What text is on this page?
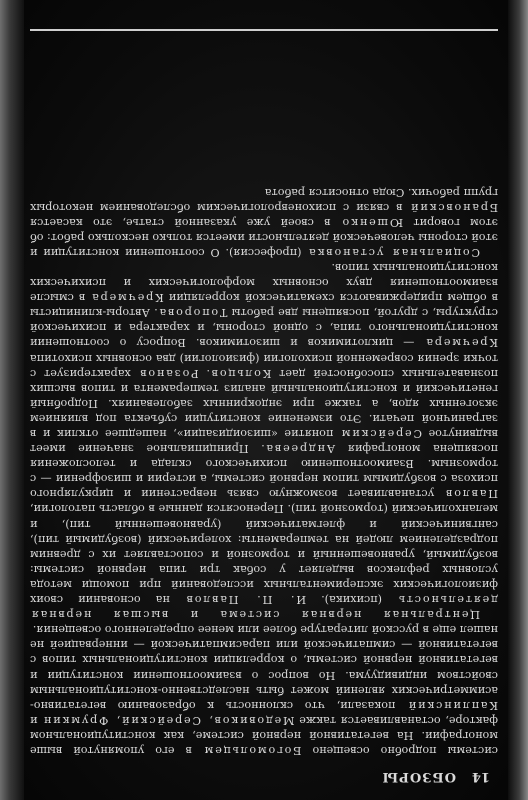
14
ОБЗОРЫ

системы подробно освещено Богомольцем в его упомянутой выше монографии. На вегетативной нервной системе, как конституциональном факторе, останавливается также Медовиков, Серейский, Фрумкин и Каплинский показали, что склонность к образованию вегетативно-асимметрических явлений может быть наследственно-конституциональным свойством индивидуума. Но вопрос о взаимоотношении конституции и вегетативной нервной системы, о корреляции конституциональных типов с вегетативной — симпатической или парасимпатической — иннервацией не нашел еще в русской литературе более или менее определенного освещения.

Центральная нервная система и высшая нервная деятельность (психика). И. П. Павлов на основании своих физиологических экспериментальных исследований при помощи метода условных рефлексов выделяет у собак три типа нервной системы: возбудимый, уравновешенный и тормозной и сопоставляет их с древним подразделением людей на темпераменты: холерический (возбудимый тип), сангвинический и флегматический (уравновешенный тип), и меланхолический (тормозной тип). Переносятся данные в область патологии, Павлов устанавливает возможную связь неврастении и циркулярного психоза с возбудимым типом нервной системы, а истерии и шизофрении — с тормозным. Взаимоотношению психического склада и телосложения посвящена монография Андреева. Принципиальное значение имеет выдвинутое Серейским понятие «шизоидизации», нашедшее отклик и в заграничной печати. Это изменение конституции субъекта под влиянием экзогенных ядов, а также при эндокринных заболеваниях. Подробный генетический и конституциональный анализ темперамента и типов высших познавательных способностей дает Кольцов. Розанов характеризует с точки зрения современной психологии (физиологии) два основных психотипа Кречмера — циклотимиков и шизотимиков. Вопросу о соотношении конституционального типа, с одной стороны, и характера и психической структуры, с другой, посвящены две работы Топорова. Авторы-клиницисты в общем придерживаются схематической корреляции Кречмера в смысле взаимоотношения двух основных морфологических и психических конституциональных типов.

Социальная установка (профессия). О соотношении конституции и этой стороны человеческой деятельности имеется только несколько работ: об этом говорит Юшенко в своей уже указанной статье, это касается Брановский в связи с психоневрологическим обследованием некоторых групп рабочих. Сюда относится работа
